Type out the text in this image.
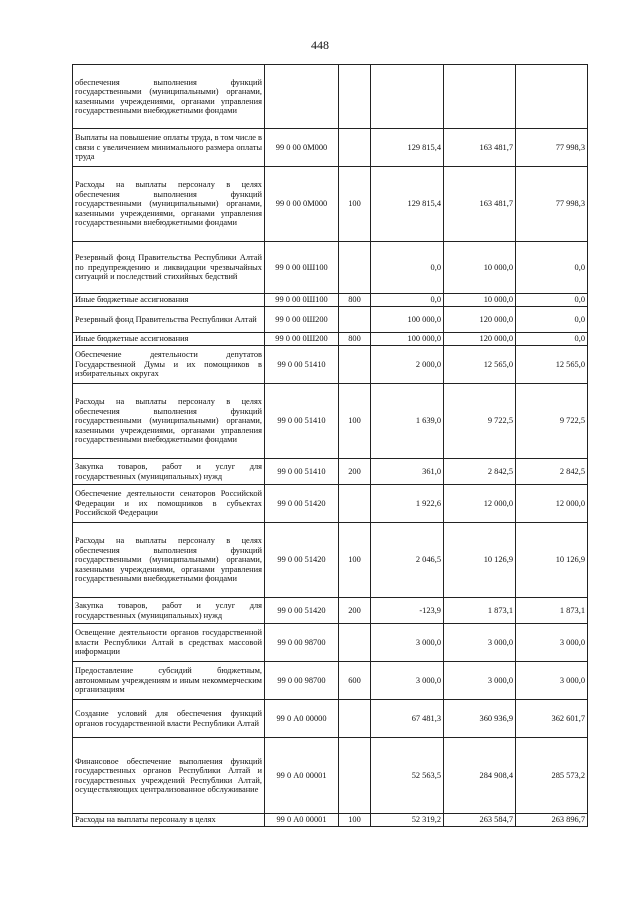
448
обеспечения выполнения функций государственными (муниципальными) органами, казенными учреждениями, органами управления государственными внебюджетными фондами					
Выплаты на повышение оплаты труда, в том числе в связи с увеличением минимального размера оплаты труда	99 0 00 0М000		129 815,4	163 481,7	77 998,3
Расходы на выплаты персоналу в целях обеспечения выполнения функций государственными (муниципальными) органами, казенными учреждениями, органами управления государственными внебюджетными фондами	99 0 00 0М000	100	129 815,4	163 481,7	77 998,3
Резервный фонд Правительства Республики Алтай по предупреждению и ликвидации чрезвычайных ситуаций и последствий стихийных бедствий	99 0 00 0Ш100		0,0	10 000,0	0,0
Иные бюджетные ассигнования	99 0 00 0Ш100	800	0,0	10 000,0	0,0
Резервный фонд Правительства Республики Алтай	99 0 00 0Ш200		100 000,0	120 000,0	0,0
Иные бюджетные ассигнования	99 0 00 0Ш200	800	100 000,0	120 000,0	0,0
Обеспечение деятельности депутатов Государственной Думы и их помощников в избирательных округах	99 0 00 51410		2 000,0	12 565,0	12 565,0
Расходы на выплаты персоналу в целях обеспечения выполнения функций государственными (муниципальными) органами, казенными учреждениями, органами управления государственными внебюджетными фондами	99 0 00 51410	100	1 639,0	9 722,5	9 722,5
Закупка товаров, работ и услуг для государственных (муниципальных) нужд	99 0 00 51410	200	361,0	2 842,5	2 842,5
Обеспечение деятельности сенаторов Российской Федерации и их помощников в субъектах Российской Федерации	99 0 00 51420		1 922,6	12 000,0	12 000,0
Расходы на выплаты персоналу в целях обеспечения выполнения функций государственными (муниципальными) органами, казенными учреждениями, органами управления государственными внебюджетными фондами	99 0 00 51420	100	2 046,5	10 126,9	10 126,9
Закупка товаров, работ и услуг для государственных (муниципальных) нужд	99 0 00 51420	200	-123,9	1 873,1	1 873,1
Освещение деятельности органов государственной власти Республики Алтай в средствах массовой информации	99 0 00 98700		3 000,0	3 000,0	3 000,0
Предоставление субсидий бюджетным, автономным учреждениям и иным некоммерческим организациям	99 0 00 98700	600	3 000,0	3 000,0	3 000,0
Создание условий для обеспечения функций органов государственной власти Республики Алтай	99 0 А0 00000		67 481,3	360 936,9	362 601,7
Финансовое обеспечение выполнения функций государственных органов Республики Алтай и государственных учреждений Республики Алтай, осуществляющих централизованное обслуживание	99 0 А0 00001		52 563,5	284 908,4	285 573,2
Расходы на выплаты персоналу в целях	99 0 А0 00001	100	52 319,2	263 584,7	263 896,7
